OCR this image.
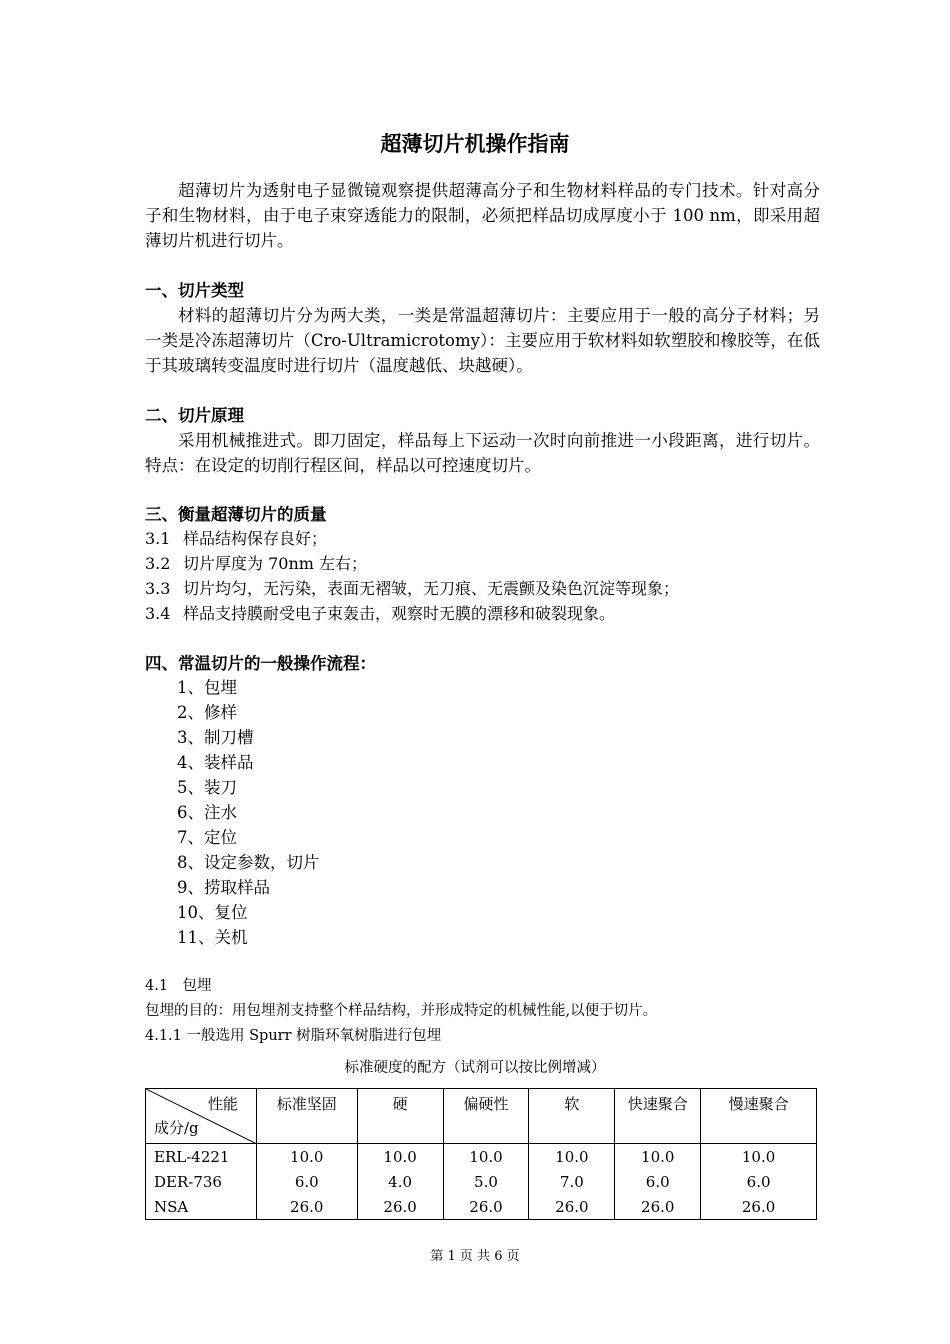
超薄切片机操作指南
超薄切片为透射电子显微镜观察提供超薄高分子和生物材料样品的专门技术。针对高分子和生物材料，由于电子束穿透能力的限制，必须把样品切成厚度小于 100 nm，即采用超薄切片机进行切片。
一、切片类型
材料的超薄切片分为两大类，一类是常温超薄切片：主要应用于一般的高分子材料；另一类是冷冻超薄切片（Cro-Ultramicrotomy）：主要应用于软材料如软塑胶和橡胶等，在低于其玻璃转变温度时进行切片（温度越低、块越硬）。
二、切片原理
采用机械推进式。即刀固定，样品每上下运动一次时向前推进一小段距离，进行切片。特点：在设定的切削行程区间，样品以可控速度切片。
三、衡量超薄切片的质量
3.1 样品结构保存良好；
3.2 切片厚度为 70nm 左右；
3.3 切片均匀，无污染，表面无褶皱，无刀痕、无震颤及染色沉淀等现象；
3.4 样品支持膜耐受电子束轰击，观察时无膜的漂移和破裂现象。
四、常温切片的一般操作流程：
1、包埋
2、修样
3、制刀槽
4、装样品
5、装刀
6、注水
7、定位
8、设定参数，切片
9、捞取样品
10、复位
11、关机
4.1　包埋
包埋的目的：用包埋剂支持整个样品结构，并形成特定的机械性能,以便于切片。
4.1.1 一般选用 Spurr 树脂环氧树脂进行包埋
标准硬度的配方（试剂可以按比例增减）
性能
成分/g	标准坚固	硬	偏硬性	软	快速聚合	慢速聚合
ERL-4221	10.0	10.0	10.0	10.0	10.0	10.0
DER-736	6.0	4.0	5.0	7.0	6.0	6.0
NSA	26.0	26.0	26.0	26.0	26.0	26.0
第 1 页 共 6 页
